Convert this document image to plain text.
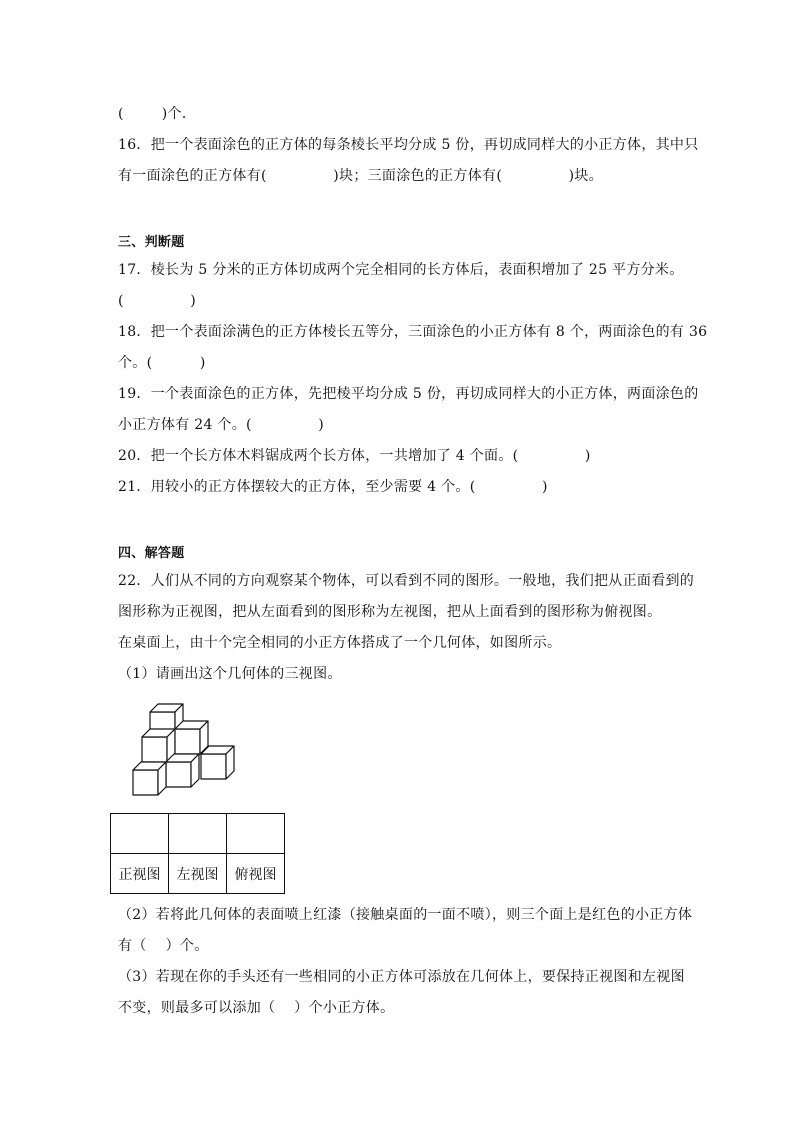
(        )个．
16．把一个表面涂色的正方体的每条棱长平均分成 5 份，再切成同样大的小正方体，其中只
有一面涂色的正方体有(              )块；三面涂色的正方体有(              )块。
三、判断题
17．棱长为 5 分米的正方体切成两个完全相同的长方体后，表面积增加了 25 平方分米。
(              )
18．把一个表面涂满色的正方体棱长五等分，三面涂色的小正方体有 8 个，两面涂色的有 36
个。(          )
19．一个表面涂色的正方体，先把棱平均分成 5 份，再切成同样大的小正方体，两面涂色的
小正方体有 24 个。(              )
20．把一个长方体木料锯成两个长方体，一共增加了 4 个面。(              )
21．用较小的正方体摆较大的正方体，至少需要 4 个。(              )
四、解答题
22．人们从不同的方向观察某个物体，可以看到不同的图形。一般地，我们把从正面看到的
图形称为正视图，把从左面看到的图形称为左视图，把从上面看到的图形称为俯视图。
在桌面上，由十个完全相同的小正方体搭成了一个几何体，如图所示。
（1）请画出这个几何体的三视图。

正视图	左视图	俯视图
（2）若将此几何体的表面喷上红漆（接触桌面的一面不喷），则三个面上是红色的小正方体
有（    ）个。
（3）若现在你的手头还有一些相同的小正方体可添放在几何体上，要保持正视图和左视图
不变，则最多可以添加（    ）个小正方体。
